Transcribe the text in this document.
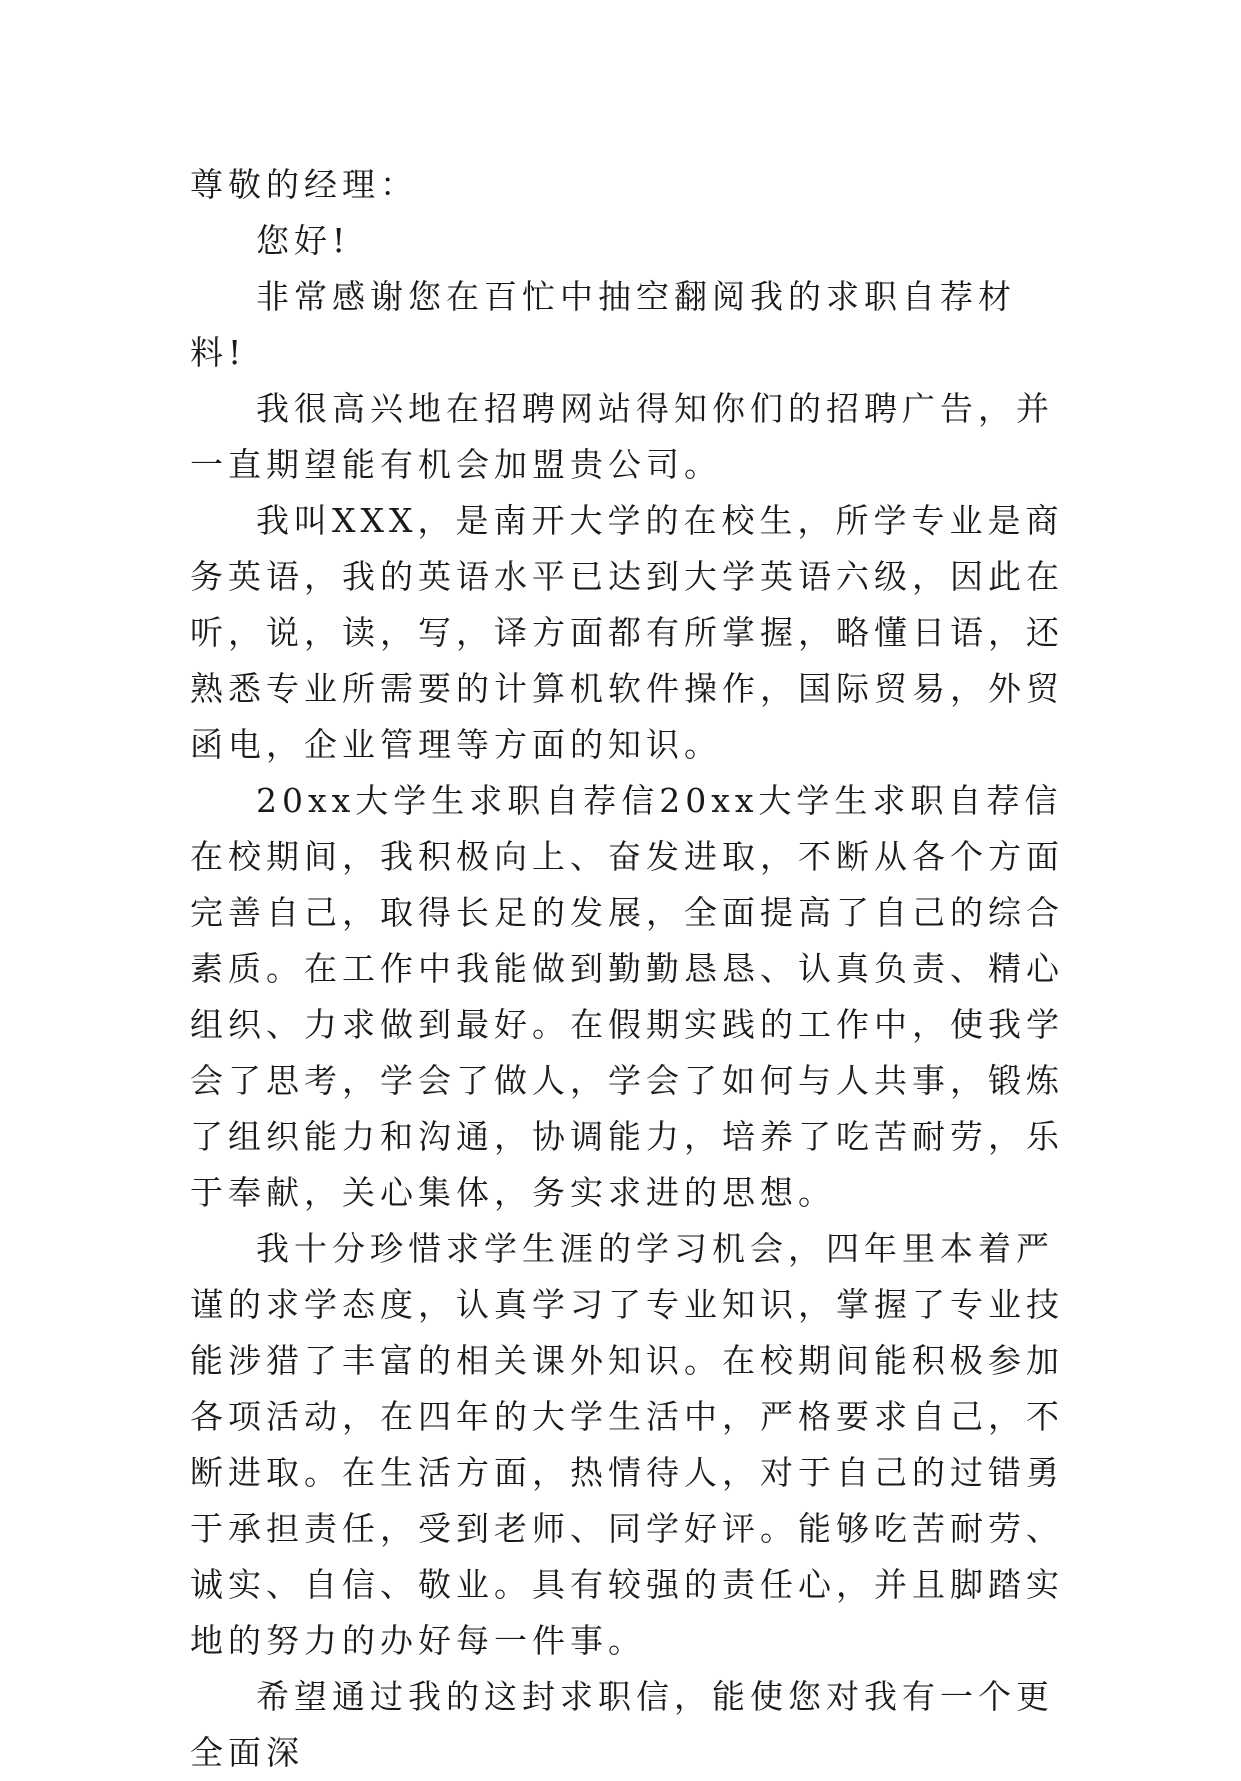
尊敬的经理：

您好!

非常感谢您在百忙中抽空翻阅我的求职自荐材料!

我很高兴地在招聘网站得知你们的招聘广告，并一直期望能有机会加盟贵公司。

我叫XXX，是南开大学的在校生，所学专业是商务英语，我的英语水平已达到大学英语六级，因此在听，说，读，写，译方面都有所掌握，略懂日语，还熟悉专业所需要的计算机软件操作，国际贸易，外贸函电，企业管理等方面的知识。

20xx大学生求职自荐信20xx大学生求职自荐信在校期间，我积极向上、奋发进取，不断从各个方面完善自己，取得长足的发展，全面提高了自己的综合素质。在工作中我能做到勤勤恳恳、认真负责、精心组织、力求做到最好。在假期实践的工作中，使我学会了思考，学会了做人，学会了如何与人共事，锻炼了组织能力和沟通，协调能力，培养了吃苦耐劳，乐于奉献，关心集体，务实求进的思想。

我十分珍惜求学生涯的学习机会，四年里本着严谨的求学态度，认真学习了专业知识，掌握了专业技能涉猎了丰富的相关课外知识。在校期间能积极参加各项活动，在四年的大学生活中，严格要求自己，不断进取。在生活方面，热情待人，对于自己的过错勇于承担责任，受到老师、同学好评。能够吃苦耐劳、诚实、自信、敬业。具有较强的责任心，并且脚踏实地的努力的办好每一件事。

希望通过我的这封求职信，能使您对我有一个更全面深
